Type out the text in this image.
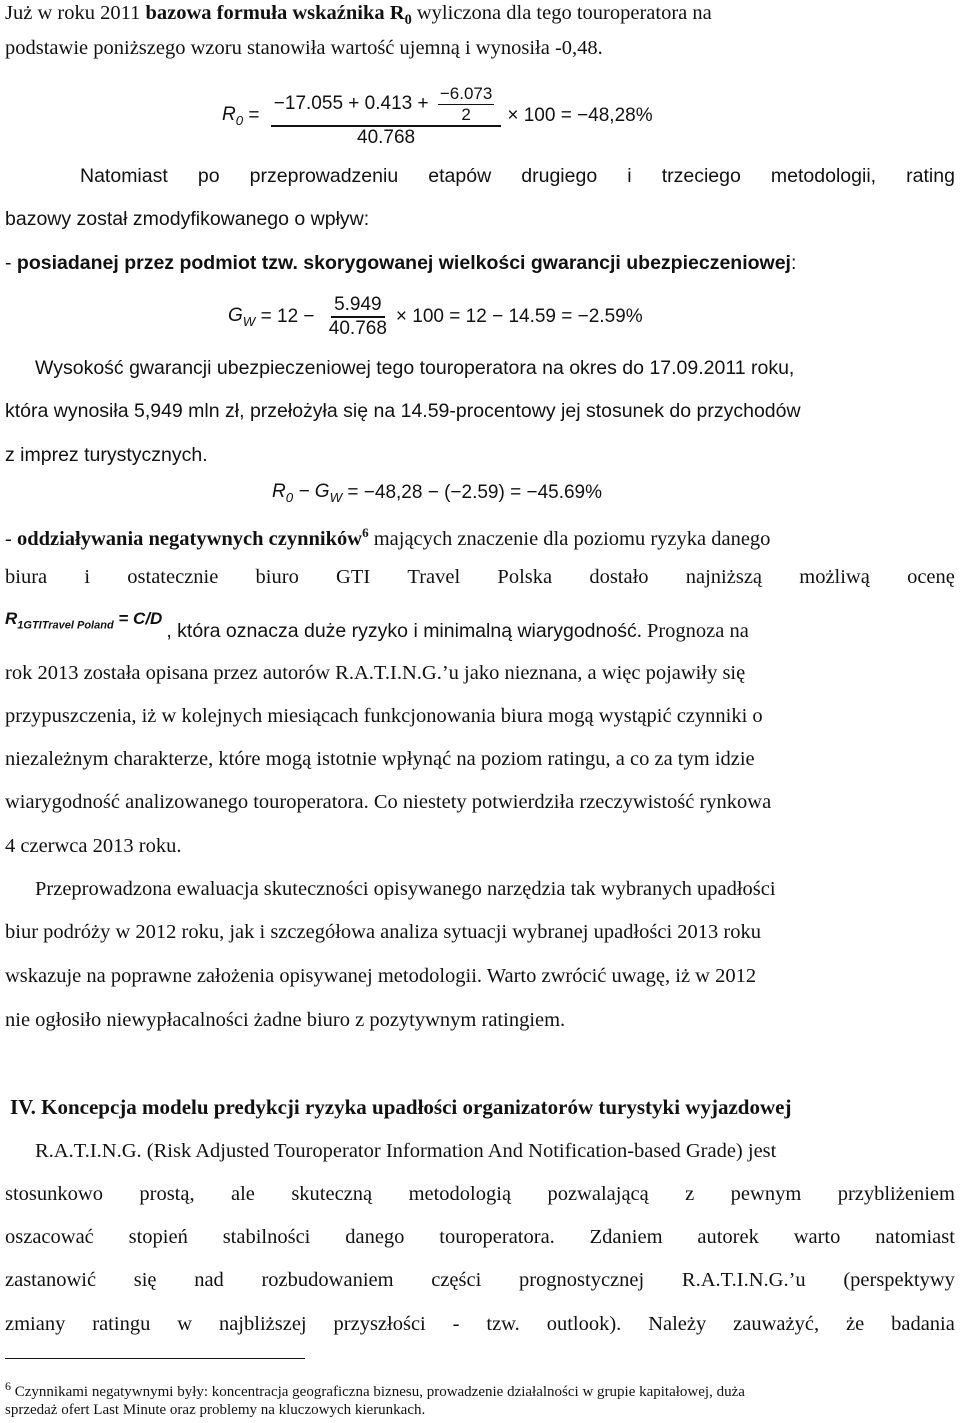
Już w roku 2011 bazowa formuła wskaźnika $R_0$ wyliczona dla tego touroperatora na
podstawie poniższego wzoru stanowiła wartość ujemną i wynosiła -0,48.
$R_0 = \frac{-17.055 + 0.413 + \frac{-6.073}{2}}{40.768} \times 100 = -48,28\%$
Natomiast po przeprowadzeniu etapów drugiego i trzeciego metodologii, rating
bazowy został zmodyfikowanego o wpływ:
- posiadanej przez podmiot tzw. skorygowanej wielkości gwarancji ubezpieczeniowej:
$G_W = 12 - \frac{5.949}{40.768} \times 100 = 12 - 14.59 = -2.59\%$
Wysokość gwarancji ubezpieczeniowej tego touroperatora na okres do 17.09.2011 roku,
która wynosiła 5,949 mln zł, przełożyła się na 14.59-procentowy jej stosunek do przychodów
z imprez turystycznych.
$R_0 - G_W = -48,28 - (-2.59) = -45.69\%$
- oddziaływania negatywnych czynników$^6$ mających znaczenie dla poziomu ryzyka danego
biura i ostatecznie biuro GTI Travel Polska dostało najniższą możliwą ocenę
$R_{1GTITravel Poland} = C/D$
, która oznacza duże ryzyko i minimalną wiarygodność . Prognoza na
rok 2013 została opisana przez autorów R.A.T.I.N.G.’u jako nieznana, a więc pojawiły się
przypuszczenia, iż w kolejnych miesiącach funkcjonowania biura mogą wystąpić czynniki o
niezależnym charakterze, które mogą istotnie wpłynąć na poziom ratingu, a co za tym idzie
wiarygodność analizowanego touroperatora. Co niestety potwierdziła rzeczywistość rynkowa
4 czerwca 2013 roku.
Przeprowadzona ewaluacja skuteczności opisywanego narzędzia tak wybranych upadłości
biur podróży w 2012 roku, jak i szczegółowa analiza sytuacji wybranej upadłości 2013 roku
wskazuje na poprawne założenia opisywanej metodologii. Warto zwrócić uwagę, iż w 2012
nie ogłosiło niewypłacalności żadne biuro z pozytywnym ratingiem.
IV. Koncepcja modelu predykcji ryzyka upadłości organizatorów turystyki wyjazdowej
R.A.T.I.N.G. (Risk Adjusted Touroperator Information And Notification-based Grade) jest
stosunkowo prostą, ale skuteczną metodologią pozwalającą z pewnym przybliżeniem
oszacować stopień stabilności danego touroperatora. Zdaniem autorek warto natomiast
zastanowić się nad rozbudowaniem części prognostycznej R.A.T.I.N.G.’u (perspektywy
zmiany ratingu w najbliższej przyszłości - tzw. outlook). Należy zauważyć, że badania
$^6$ Czynnikami negatywnymi były: koncentracja geograficzna biznesu, prowadzenie działalności w grupie kapitałowej, duża
sprzedaż ofert Last Minute oraz problemy na kluczowych kierunkach.
